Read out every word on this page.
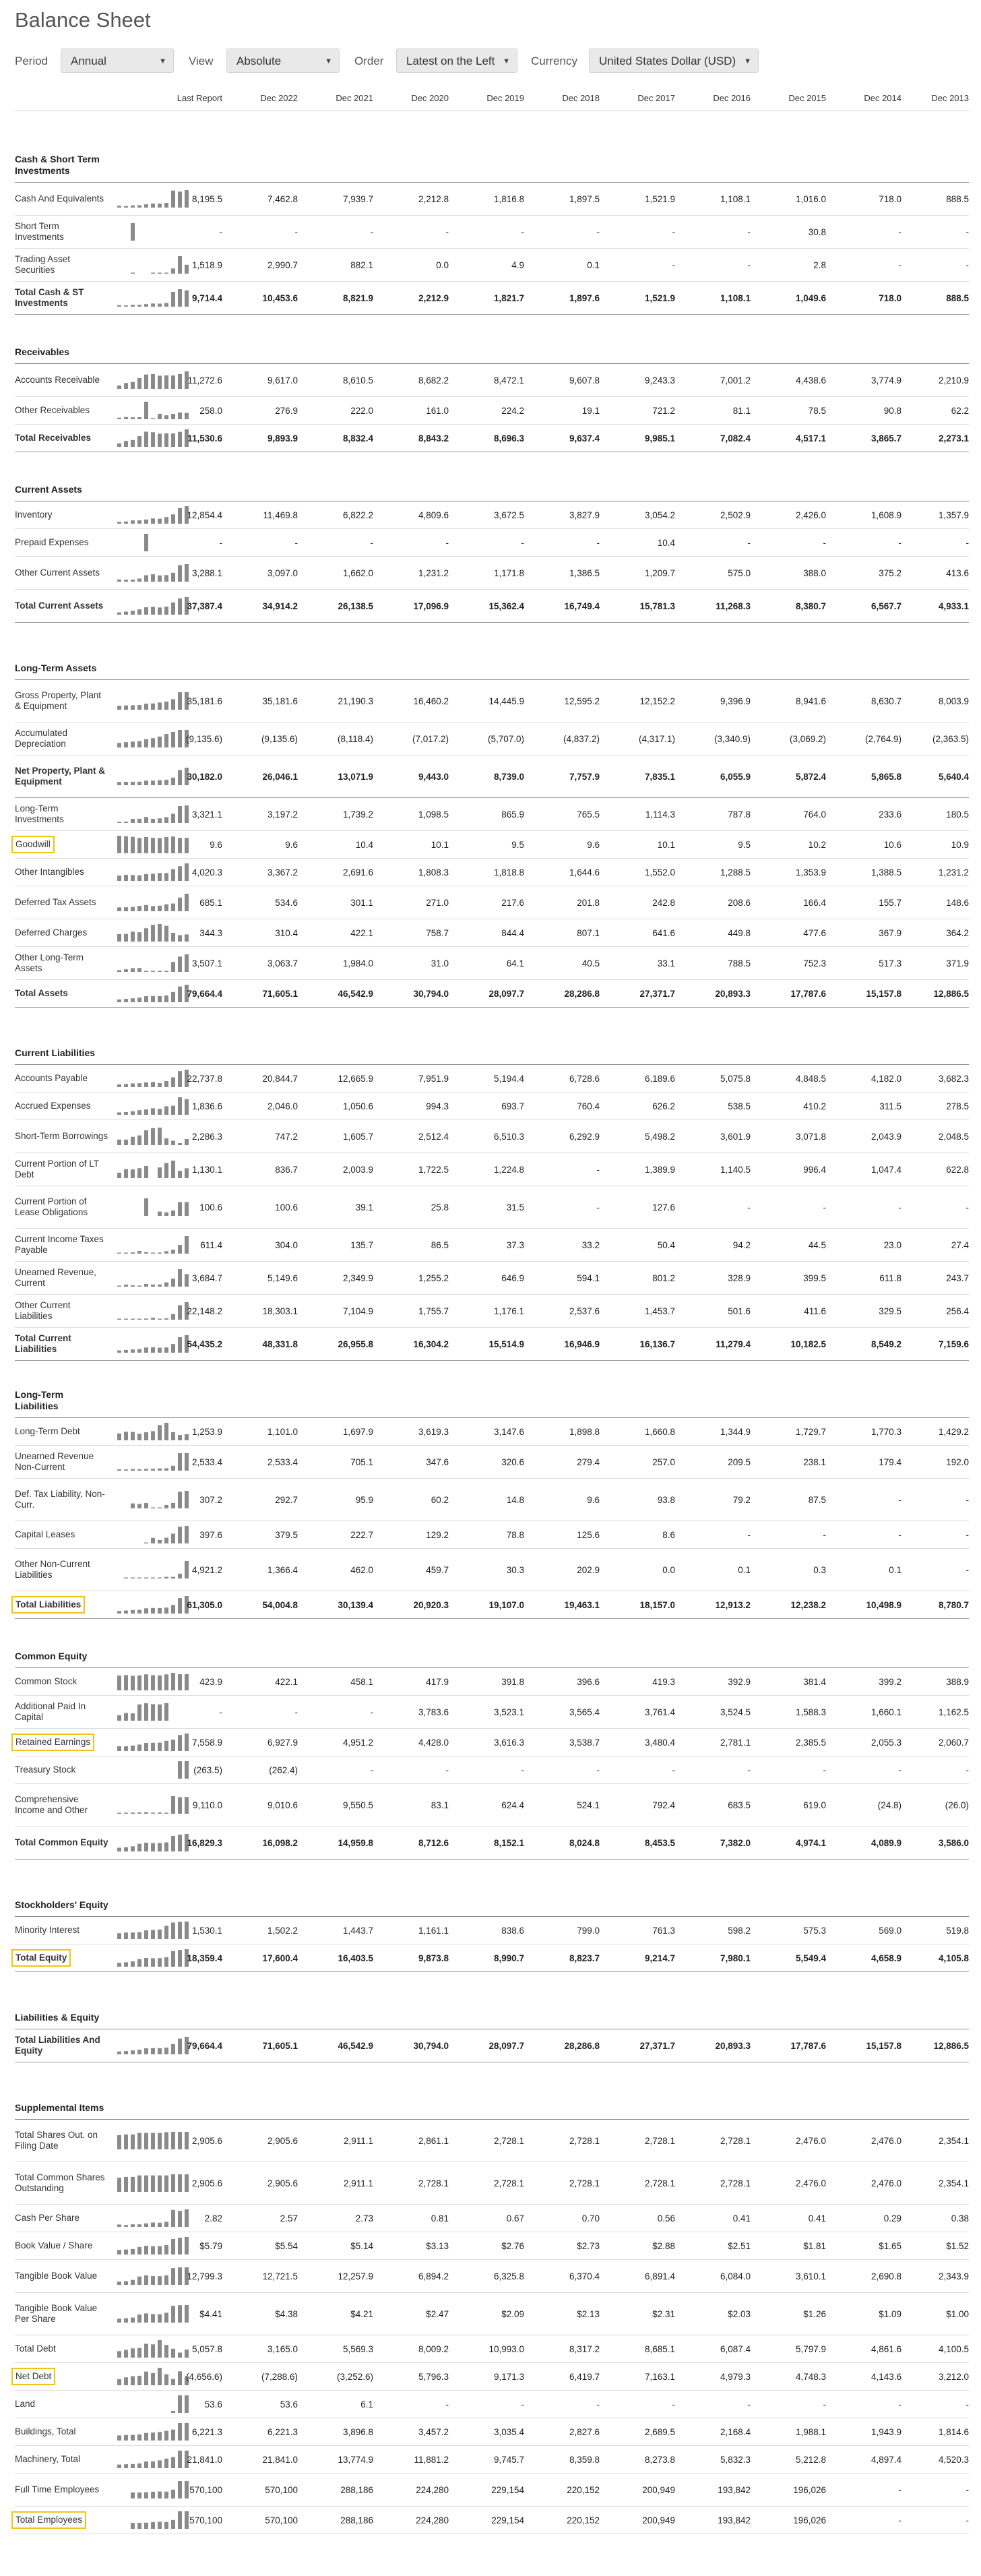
Balance Sheet
Period	Annual	▼ View	Absolute	▼ Order	Latest on the Left ▼ Currency	United States Dollar (USD) ▼
Last Report	Dec 2022	Dec 2021	Dec 2020	Dec 2019	Dec 2018	Dec 2017	Dec 2016	Dec 2015	Dec 2014	Dec 2013
Cash & Short Term Investments
Cash And Equivalents	8,195.5	7,462.8	7,939.7	2,212.8	1,816.8	1,897.5	1,521.9	1,108.1	1,016.0	718.0	888.5
Short Term Investments	-	-	-	-	-	-	-	-	30.8	-	-
Trading Asset Securities	1,518.9	2,990.7	882.1	0.0	4.9	0.1	-	-	2.8	-	-
Total Cash & ST Investments	9,714.4	10,453.6	8,821.9	2,212.9	1,821.7	1,897.6	1,521.9	1,108.1	1,049.6	718.0	888.5
Receivables
Accounts Receivable	11,272.6	9,617.0	8,610.5	8,682.2	8,472.1	9,607.8	9,243.3	7,001.2	4,438.6	3,774.9	2,210.9
Other Receivables	258.0	276.9	222.0	161.0	224.2	19.1	721.2	81.1	78.5	90.8	62.2
Total Receivables	11,530.6	9,893.9	8,832.4	8,843.2	8,696.3	9,637.4	9,985.1	7,082.4	4,517.1	3,865.7	2,273.1
Current Assets
Inventory	12,854.4	11,469.8	6,822.2	4,809.6	3,672.5	3,827.9	3,054.2	2,502.9	2,426.0	1,608.9	1,357.9
Prepaid Expenses	-	-	-	-	-	-	10.4	-	-	-	-
Other Current Assets	3,288.1	3,097.0	1,662.0	1,231.2	1,171.8	1,386.5	1,209.7	575.0	388.0	375.2	413.6
Total Current Assets	37,387.4	34,914.2	26,138.5	17,096.9	15,362.4	16,749.4	15,781.3	11,268.3	8,380.7	6,567.7	4,933.1
Long-Term Assets
Gross Property, Plant & Equipment	35,181.6	35,181.6	21,190.3	16,460.2	14,445.9	12,595.2	12,152.2	9,396.9	8,941.6	8,630.7	8,003.9
Accumulated Depreciation	(9,135.6)	(9,135.6)	(8,118.4)	(7,017.2)	(5,707.0)	(4,837.2)	(4,317.1)	(3,340.9)	(3,069.2)	(2,764.9)	(2,363.5)
Net Property, Plant & Equipment	30,182.0	26,046.1	13,071.9	9,443.0	8,739.0	7,757.9	7,835.1	6,055.9	5,872.4	5,865.8	5,640.4
Long-Term Investments	3,321.1	3,197.2	1,739.2	1,098.5	865.9	765.5	1,114.3	787.8	764.0	233.6	180.5
Goodwill	9.6	9.6	10.4	10.1	9.5	9.6	10.1	9.5	10.2	10.6	10.9
Other Intangibles	4,020.3	3,367.2	2,691.6	1,808.3	1,818.8	1,644.6	1,552.0	1,288.5	1,353.9	1,388.5	1,231.2
Deferred Tax Assets	685.1	534.6	301.1	271.0	217.6	201.8	242.8	208.6	166.4	155.7	148.6
Deferred Charges	344.3	310.4	422.1	758.7	844.4	807.1	641.6	449.8	477.6	367.9	364.2
Other Long-Term Assets	3,507.1	3,063.7	1,984.0	31.0	64.1	40.5	33.1	788.5	752.3	517.3	371.9
Total Assets	79,664.4	71,605.1	46,542.9	30,794.0	28,097.7	28,286.8	27,371.7	20,893.3	17,787.6	15,157.8	12,886.5
Current Liabilities
Accounts Payable	22,737.8	20,844.7	12,665.9	7,951.9	5,194.4	6,728.6	6,189.6	5,075.8	4,848.5	4,182.0	3,682.3
Accrued Expenses	1,836.6	2,046.0	1,050.6	994.3	693.7	760.4	626.2	538.5	410.2	311.5	278.5
Short-Term Borrowings	2,286.3	747.2	1,605.7	2,512.4	6,510.3	6,292.9	5,498.2	3,601.9	3,071.8	2,043.9	2,048.5
Current Portion of LT Debt	1,130.1	836.7	2,003.9	1,722.5	1,224.8	-	1,389.9	1,140.5	996.4	1,047.4	622.8
Current Portion of Lease Obligations	100.6	100.6	39.1	25.8	31.5	-	127.6	-	-	-	-
Current Income Taxes Payable	611.4	304.0	135.7	86.5	37.3	33.2	50.4	94.2	44.5	23.0	27.4
Unearned Revenue, Current	3,684.7	5,149.6	2,349.9	1,255.2	646.9	594.1	801.2	328.9	399.5	611.8	243.7
Other Current Liabilities	22,148.2	18,303.1	7,104.9	1,755.7	1,176.1	2,537.6	1,453.7	501.6	411.6	329.5	256.4
Total Current Liabilities	54,435.2	48,331.8	26,955.8	16,304.2	15,514.9	16,946.9	16,136.7	11,279.4	10,182.5	8,549.2	7,159.6
Long-Term Liabilities
Long-Term Debt	1,253.9	1,101.0	1,697.9	3,619.3	3,147.6	1,898.8	1,660.8	1,344.9	1,729.7	1,770.3	1,429.2
Unearned Revenue Non-Current	2,533.4	2,533.4	705.1	347.6	320.6	279.4	257.0	209.5	238.1	179.4	192.0
Def. Tax Liability, Non-Curr.	307.2	292.7	95.9	60.2	14.8	9.6	93.8	79.2	87.5	-	-
Capital Leases	397.6	379.5	222.7	129.2	78.8	125.6	8.6	-	-	-	-
Other Non-Current Liabilities	4,921.2	1,366.4	462.0	459.7	30.3	202.9	0.0	0.1	0.3	0.1	-
Total Liabilities	61,305.0	54,004.8	30,139.4	20,920.3	19,107.0	19,463.1	18,157.0	12,913.2	12,238.2	10,498.9	8,780.7
Common Equity
Common Stock	423.9	422.1	458.1	417.9	391.8	396.6	419.3	392.9	381.4	399.2	388.9
Additional Paid In Capital	-	-	-	3,783.6	3,523.1	3,565.4	3,761.4	3,524.5	1,588.3	1,660.1	1,162.5
Retained Earnings	7,558.9	6,927.9	4,951.2	4,428.0	3,616.3	3,538.7	3,480.4	2,781.1	2,385.5	2,055.3	2,060.7
Treasury Stock	(263.5)	(262.4)	-	-	-	-	-	-	-	-	-
Comprehensive Income and Other	9,110.0	9,010.6	9,550.5	83.1	624.4	524.1	792.4	683.5	619.0	(24.8)	(26.0)
Total Common Equity	16,829.3	16,098.2	14,959.8	8,712.6	8,152.1	8,024.8	8,453.5	7,382.0	4,974.1	4,089.9	3,586.0
Stockholders' Equity
Minority Interest	1,530.1	1,502.2	1,443.7	1,161.1	838.6	799.0	761.3	598.2	575.3	569.0	519.8
Total Equity	18,359.4	17,600.4	16,403.5	9,873.8	8,990.7	8,823.7	9,214.7	7,980.1	5,549.4	4,658.9	4,105.8
Liabilities & Equity
Total Liabilities And Equity	79,664.4	71,605.1	46,542.9	30,794.0	28,097.7	28,286.8	27,371.7	20,893.3	17,787.6	15,157.8	12,886.5
Supplemental Items
Total Shares Out. on Filing Date	2,905.6	2,905.6	2,911.1	2,861.1	2,728.1	2,728.1	2,728.1	2,728.1	2,476.0	2,476.0	2,354.1
Total Common Shares Outstanding	2,905.6	2,905.6	2,911.1	2,728.1	2,728.1	2,728.1	2,728.1	2,728.1	2,476.0	2,476.0	2,354.1
Cash Per Share	2.82	2.57	2.73	0.81	0.67	0.70	0.56	0.41	0.41	0.29	0.38
Book Value / Share	$5.79	$5.54	$5.14	$3.13	$2.76	$2.73	$2.88	$2.51	$1.81	$1.65	$1.52
Tangible Book Value	12,799.3	12,721.5	12,257.9	6,894.2	6,325.8	6,370.4	6,891.4	6,084.0	3,610.1	2,690.8	2,343.9
Tangible Book Value Per Share	$4.41	$4.38	$4.21	$2.47	$2.09	$2.13	$2.31	$2.03	$1.26	$1.09	$1.00
Total Debt	5,057.8	3,165.0	5,569.3	8,009.2	10,993.0	8,317.2	8,685.1	6,087.4	5,797.9	4,861.6	4,100.5
Net Debt	(4,656.6)	(7,288.6)	(3,252.6)	5,796.3	9,171.3	6,419.7	7,163.1	4,979.3	4,748.3	4,143.6	3,212.0
Land	53.6	53.6	6.1	-	-	-	-	-	-	-	-
Buildings, Total	6,221.3	6,221.3	3,896.8	3,457.2	3,035.4	2,827.6	2,689.5	2,168.4	1,988.1	1,943.9	1,814.6
Machinery, Total	21,841.0	21,841.0	13,774.9	11,881.2	9,745.7	8,359.8	8,273.8	5,832.3	5,212.8	4,897.4	4,520.3
Full Time Employees	570,100	570,100	288,186	224,280	229,154	220,152	200,949	193,842	196,026	-	-
Total Employees	570,100	570,100	288,186	224,280	229,154	220,152	200,949	193,842	196,026	-	-
